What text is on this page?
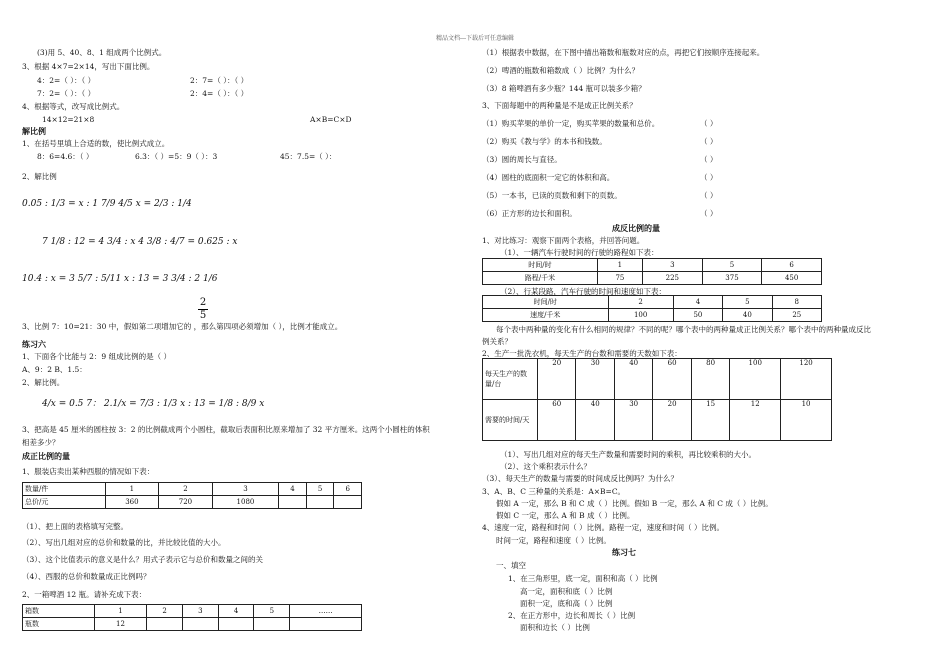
精品文档---下载后可任意编辑
(3)用 5、40、8、1 组成两个比例式。
3、根据 4×7=2×14，写出下面比例。
4：2=（ ）：（ ）	2：7=（ ）：（ ）
7：2=（ ）：（ ）	2：4=（ ）：（ ）
4、根据等式，改写成比例式。
14×12=21×8	A×B=C×D
解比例
1、在括号里填上合适的数，使比例式成立。
8：6=4.6：（ ）	6.3：（ ）=5：9（ ）：3	45：7.5=（ ）：
2、解比例
0.05 : 1/3 = x : 1 7/9 4/5 x = 2/3 : 1/4
7 1/8 : 12 = 4 3/4 : x 4 3/8 : 4/7 = 0.625 : x
10.4 : x = 3 5/7 : 5/11 x : 13 = 3 3/4 : 2 1/6
2
5
3、比例 7：10=21：30 中，假如第二项增加它的 ，那么第四项必须增加（ ），比例才能成立。
练习六
1、下面各个比能与 2：9 组成比例的是（ ）
A、9：2 B、1.5：
2、解比例。
4/x = 0.5 7： 2.1/x = 7/3 : 1/3 x : 13 = 1/8 : 8/9 x
3、把高是 45 厘米的圆柱按 3：2 的比例截成两个小圆柱，截取后表面积比原来增加了 32 平方厘米。这两个小圆柱的体积
相差多少？
成正比例的量
1、服装店卖出某种西服的情况如下表：
数量/件	1	2	3	4	5	6
总价/元	360	720	1080			
（1）、把上面的表格填写完整。
（2）、写出几组对应的总价和数量的比，并比较比值的大小。
（3）、这个比值表示的意义是什么？用式子表示它与总价和数量之间的关
（4）、西服的总价和数量成正比例吗？
2、一箱啤酒 12 瓶。请补充成下表：
箱数	1	2	3	4	5	……
瓶数	12					
（1）根据表中数据，在下图中描出箱数和瓶数对应的点，再把它们按顺序连接起来。
（2）啤酒的瓶数和箱数成（ ）比例？为什么？
（3）8 箱啤酒有多少瓶？144 瓶可以装多少箱？
3、下面每题中的两种量是不是成正比例关系？
（1）购买苹果的单价一定，购买苹果的数量和总价。	（ ）
（2）购买《教与学》的本书和钱数。	（ ）
（3）圆的周长与直径。	（ ）
（4）圆柱的底面积一定它的体积和高。	（ ）
（5）一本书，已读的页数和剩下的页数。	（ ）
（6）正方形的边长和面积。	（ ）
成反比例的量
1、对比练习：观察下面两个表格，并回答问题。
（1）、一辆汽车行驶时间的行驶的路程如下表：
时间/时	1	3	5	6
路程/千米	75	225	375	450
（2）、行某段路，汽车行驶的时间和速度如下表：
时间/时	2	4	5	8
速度/千米	100	50	40	25
每个表中两种量的变化有什么相同的规律？不同的呢？哪个表中的两种量成正比例关系？哪个表中的两种量成反比
例关系？
2、生产一批洗衣机，每天生产的台数和需要的天数如下表：
每天生产的数量/台	20	30	40	60	80	100	120
需要的时间/天	60	40	30	20	15	12	10
（1）、写出几组对应的每天生产数量和需要时间的乘积，再比较乘积的大小。
（2）、这个乘积表示什么？
（3）、每天生产的数量与需要的时间成反比例吗？为什么？
3、A、B、C 三种量的关系是：A×B=C。
假如 A 一定，那么 B 和 C 成（ ）比例。假如 B 一定，那么 A 和 C 成（ ）比例。
假如 C 一定，那么 A 和 B 成（ ）比例。
4、速度一定，路程和时间（ ）比例。路程一定，速度和时间（ ）比例。
时间一定，路程和速度（ ）比例。
练习七
一、填空
1、在三角形里，底一定，面积和高（ ）比例
高一定，面积和底（ ）比例
面积一定，底和高（ ）比例
2、在正方形中，边长和周长（ ）比例
面积和边长（ ）比例
